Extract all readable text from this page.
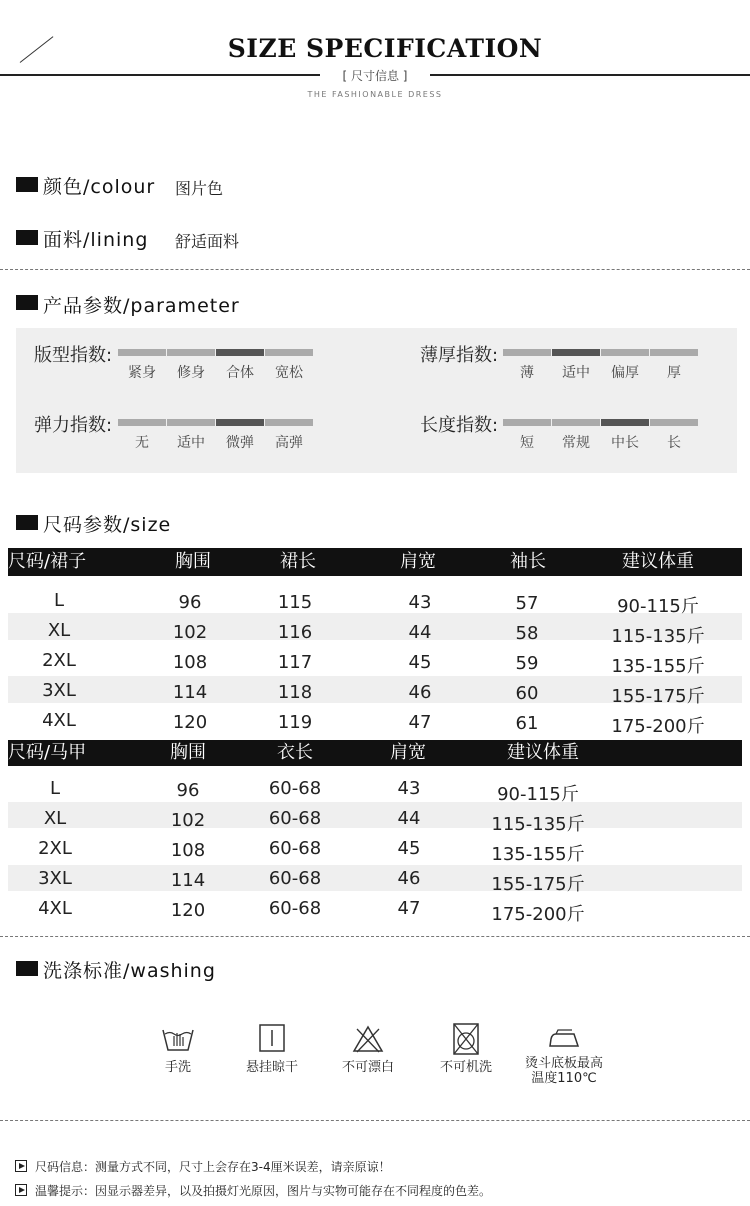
SIZE SPECIFICATION
[ 尺寸信息 ]
THE FASHIONABLE DRESS
颜色/colour 图片色
面料/lining 舒适面料
产品参数/parameter
版型指数:
紧身	修身	合体	宽松
薄厚指数:
薄	适中	偏厚	厚
弹力指数:
无	适中	微弹	高弹
长度指数:
短	常规	中长	长
尺码参数/size
尺码/裙子	胸围	裙长	肩宽	袖长	建议体重
L	96	115	43	57	90-115斤
XL	102	116	44	58	115-135斤
2XL	108	117	45	59	135-155斤
3XL	114	118	46	60	155-175斤
4XL	120	119	47	61	175-200斤
尺码/马甲	胸围	衣长	肩宽	建议体重
L	96	60-68	43	90-115斤
XL	102	60-68	44	115-135斤
2XL	108	60-68	45	135-155斤
3XL	114	60-68	46	155-175斤
4XL	120	60-68	47	175-200斤
洗涤标准/washing
手洗	悬挂晾干	不可漂白	不可机洗	烫斗底板最高
温度110℃
尺码信息：测量方式不同，尺寸上会存在3-4厘米误差，请亲原谅！
温馨提示：因显示器差异，以及拍摄灯光原因，图片与实物可能存在不同程度的色差。
